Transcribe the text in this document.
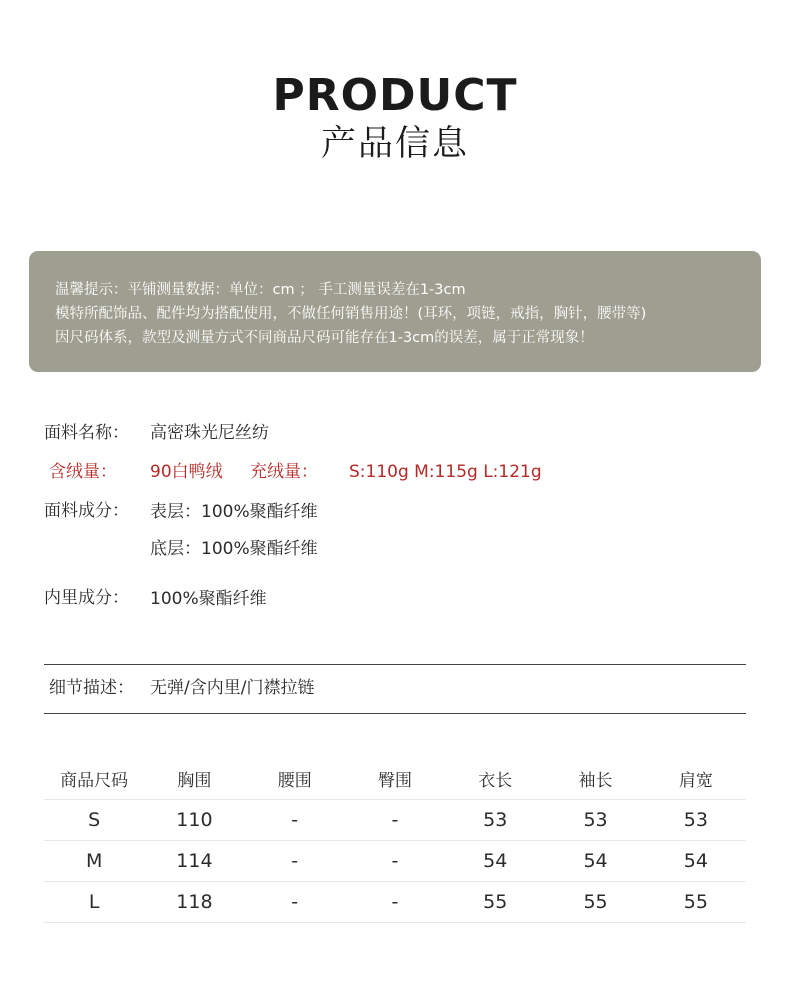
PRODUCT
产品信息
温馨提示：平铺测量数据：单位：cm ； 手工测量误差在1-3cm
模特所配饰品、配件均为搭配使用，不做任何销售用途！(耳环，项链，戒指，胸针，腰带等)
因尺码体系，款型及测量方式不同商品尺码可能存在1-3cm的误差，属于正常现象！
面料名称： 高密珠光尼丝纺
含绒量： 90白鸭绒 充绒量： S:110g M:115g L:121g
面料成分： 表层：100%聚酯纤维
底层：100%聚酯纤维
内里成分： 100%聚酯纤维
细节描述： 无弹/含内里/门襟拉链
商品尺码	胸围	腰围	臀围	衣长	袖长	肩宽
S	110	-	-	53	53	53
M	114	-	-	54	54	54
L	118	-	-	55	55	55
